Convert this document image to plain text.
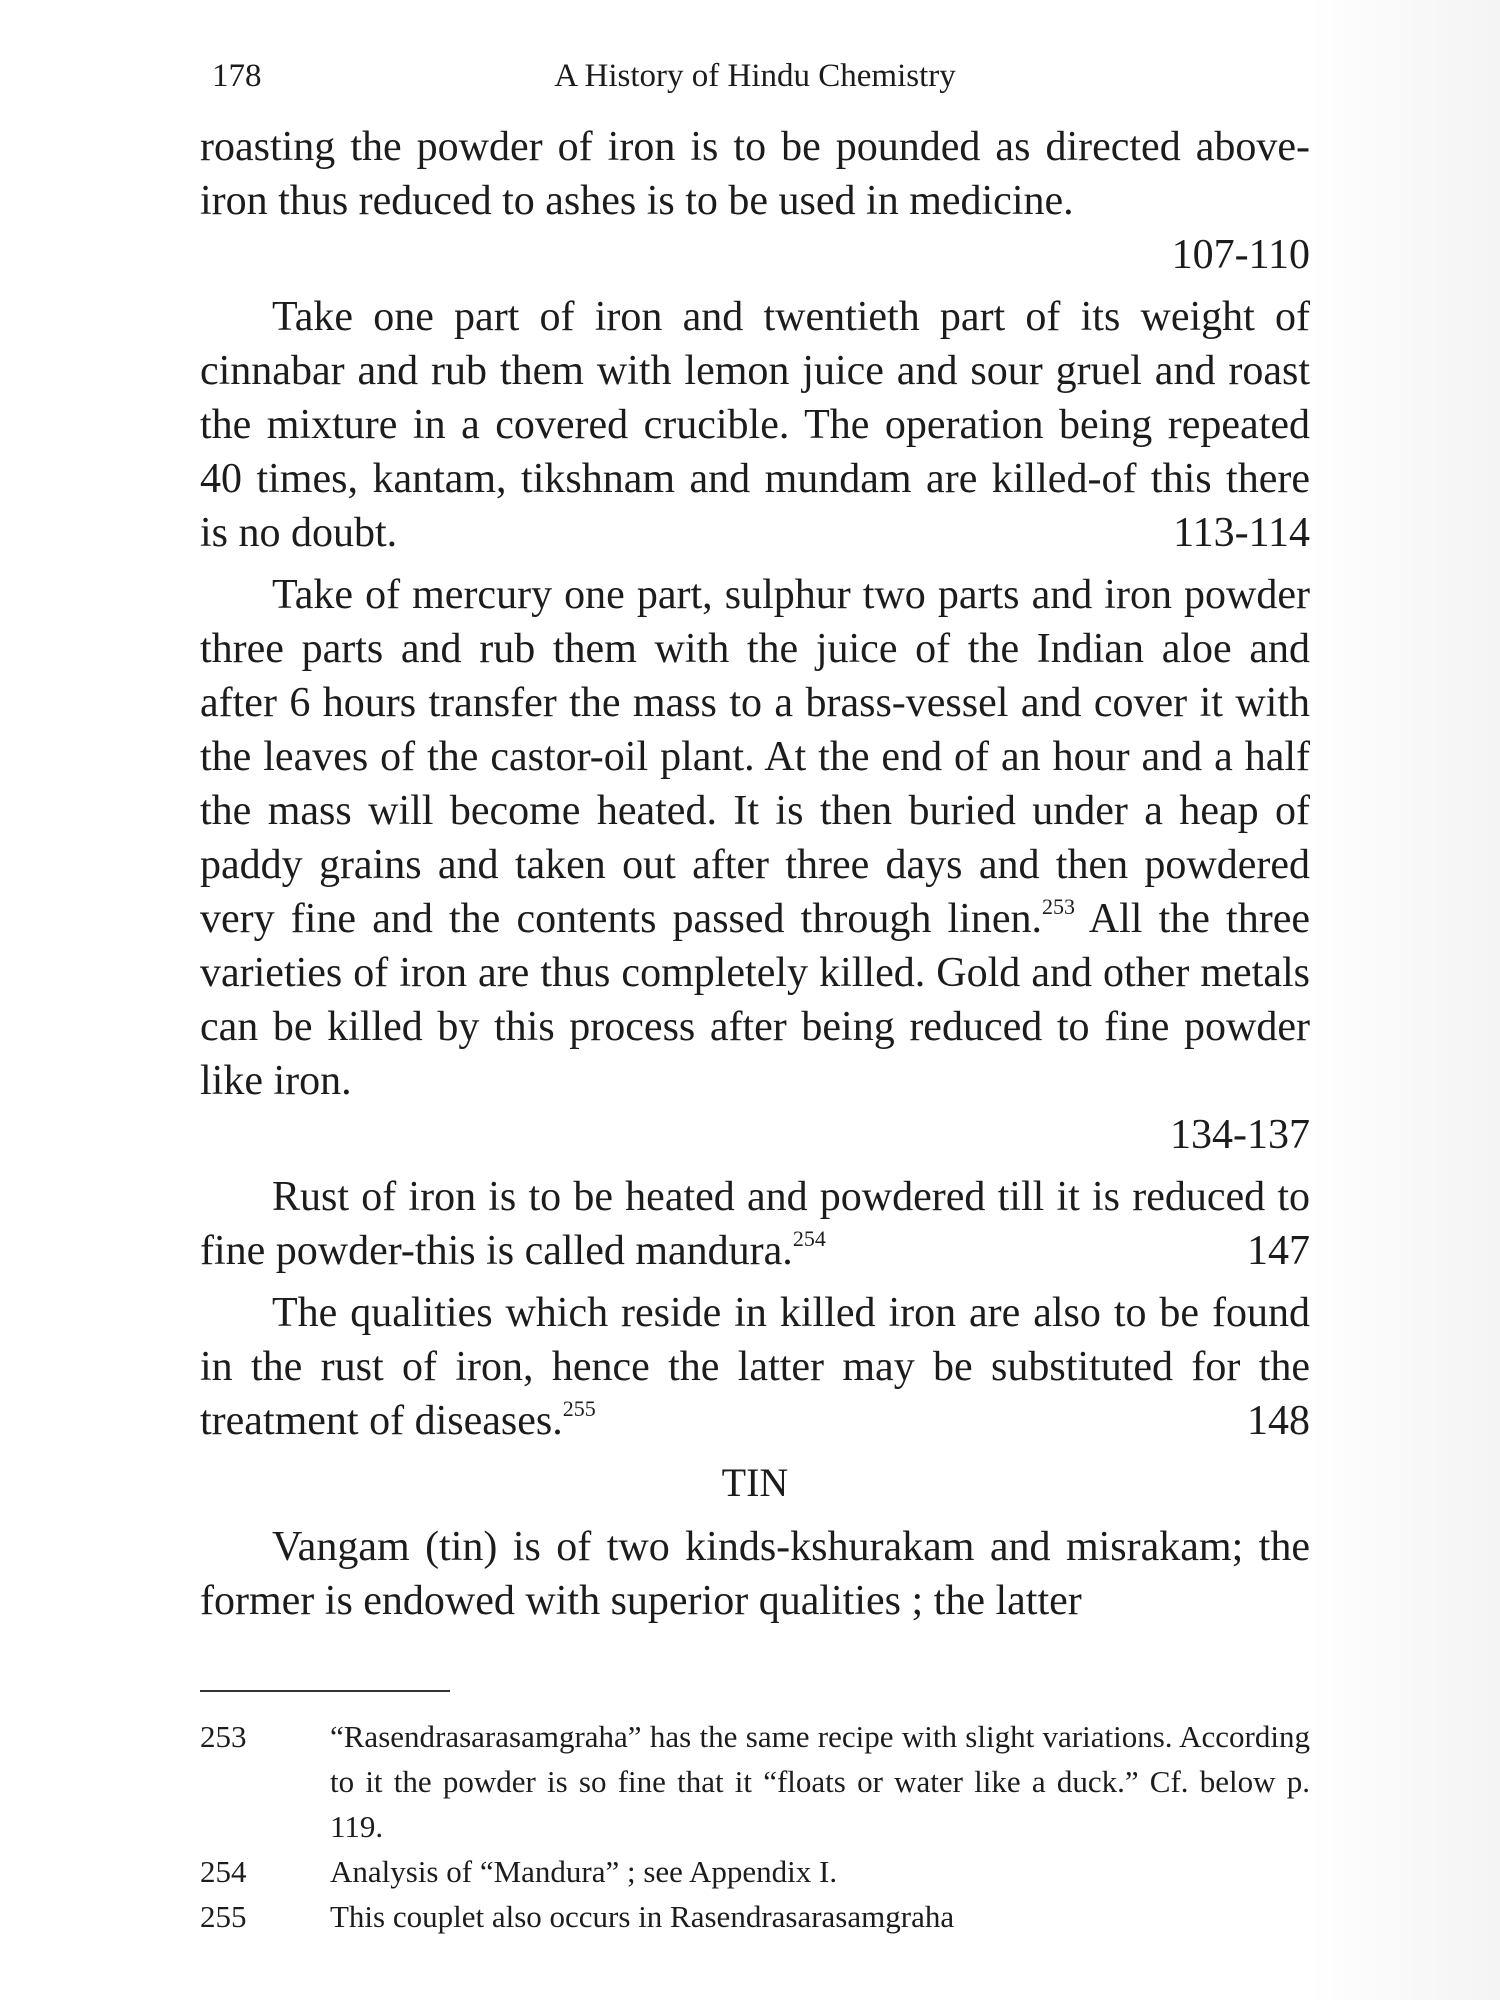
178	A History of Hindu Chemistry

roasting the powder of iron is to be pounded as directed above-iron thus reduced to ashes is to be used in medicine.
107-110

Take one part of iron and twentieth part of its weight of cinnabar and rub them with lemon juice and sour gruel and roast the mixture in a covered crucible. The operation being repeated 40 times, kantam, tikshnam and mundam are killed-of this there is no doubt.	113-114

Take of mercury one part, sulphur two parts and iron powder three parts and rub them with the juice of the Indian aloe and after 6 hours transfer the mass to a brass-vessel and cover it with the leaves of the castor-oil plant. At the end of an hour and a half the mass will become heated. It is then buried under a heap of paddy grains and taken out after three days and then powdered very fine and the contents passed through linen.$^{253}$ All the three varieties of iron are thus completely killed. Gold and other metals can be killed by this process after being reduced to fine powder like iron.
134-137

Rust of iron is to be heated and powdered till it is reduced to fine powder-this is called mandura.$^{254}$	147

The qualities which reside in killed iron are also to be found in the rust of iron, hence the latter may be substituted for the treatment of diseases.$^{255}$	148

TIN

Vangam (tin) is of two kinds-kshurakam and misrakam; the former is endowed with superior qualities ; the latter

253	“Rasendrasarasamgraha” has the same recipe with slight variations. According to it the powder is so fine that it “floats or water like a duck.” Cf. below p. 119.
254	Analysis of “Mandura” ; see Appendix I.
255	This couplet also occurs in Rasendrasarasamgraha
